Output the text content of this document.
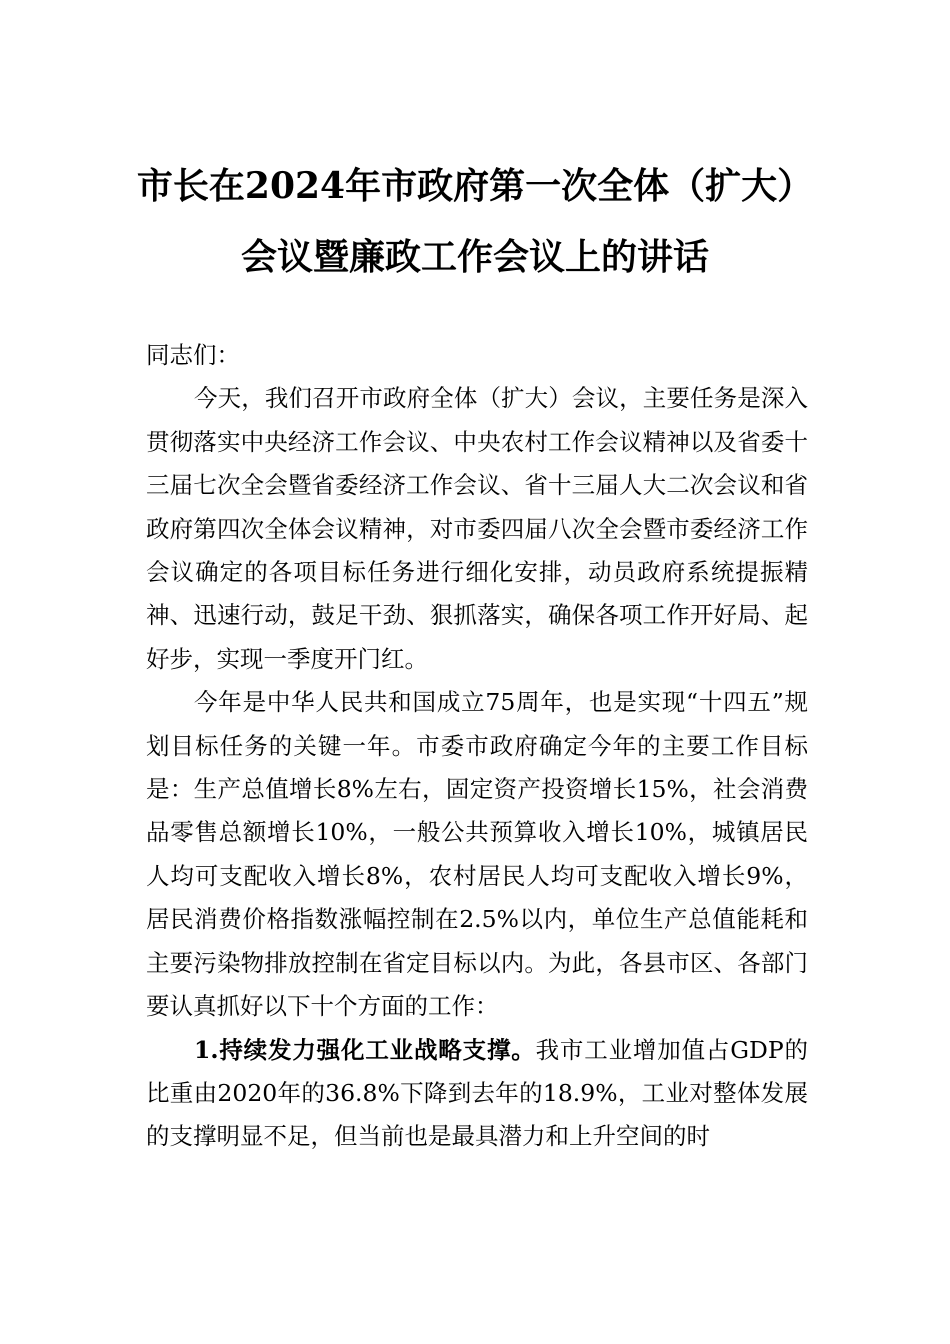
市长在2024年市政府第一次全体（扩大）
会议暨廉政工作会议上的讲话

同志们：

今天，我们召开市政府全体（扩大）会议，主要任务是深入贯彻落实中央经济工作会议、中央农村工作会议精神以及省委十三届七次全会暨省委经济工作会议、省十三届人大二次会议和省政府第四次全体会议精神，对市委四届八次全会暨市委经济工作会议确定的各项目标任务进行细化安排，动员政府系统提振精神、迅速行动，鼓足干劲、狠抓落实，确保各项工作开好局、起好步，实现一季度开门红。

今年是中华人民共和国成立75周年，也是实现“十四五”规划目标任务的关键一年。市委市政府确定今年的主要工作目标是：生产总值增长8%左右，固定资产投资增长15%，社会消费品零售总额增长10%，一般公共预算收入增长10%，城镇居民人均可支配收入增长8%，农村居民人均可支配收入增长9%，居民消费价格指数涨幅控制在2.5%以内，单位生产总值能耗和主要污染物排放控制在省定目标以内。为此，各县市区、各部门要认真抓好以下十个方面的工作：

1.持续发力强化工业战略支撑。我市工业增加值占GDP的比重由2020年的36.8%下降到去年的18.9%，工业对整体发展的支撑明显不足，但当前也是最具潜力和上升空间的时
